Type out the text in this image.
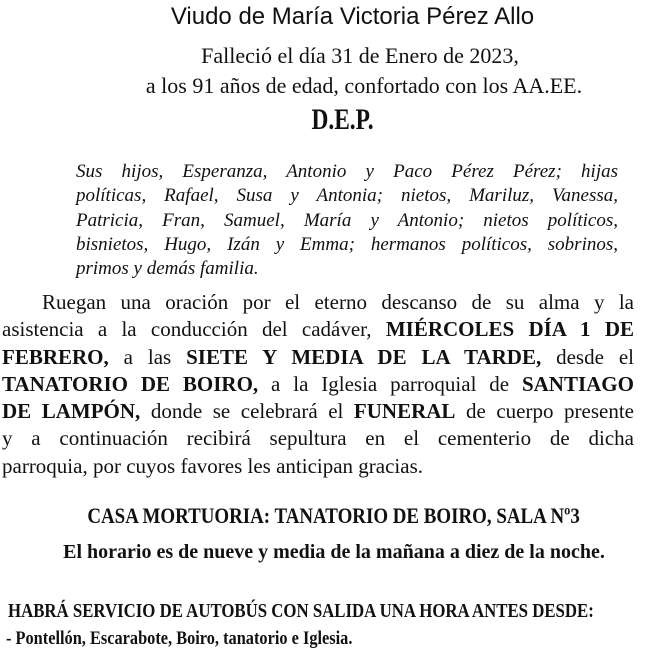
Viudo de María Victoria Pérez Allo
Falleció el día 31 de Enero de 2023,
a los 91 años de edad, confortado con los AA.EE.
D.E.P.
Sus hijos, Esperanza, Antonio y Paco Pérez Pérez; hijas
políticas, Rafael, Susa y Antonia; nietos, Mariluz, Vanessa,
Patricia, Fran, Samuel, María y Antonio; nietos políticos,
bisnietos, Hugo, Izán y Emma; hermanos políticos, sobrinos,
primos y demás familia.
Ruegan una oración por el eterno descanso de su alma y la
asistencia a la conducción del cadáver, MIÉRCOLES DÍA 1 DE
FEBRERO, a las SIETE Y MEDIA DE LA TARDE, desde el
TANATORIO DE BOIRO, a la Iglesia parroquial de SANTIAGO
DE LAMPÓN, donde se celebrará el FUNERAL de cuerpo presente
y a continuación recibirá sepultura en el cementerio de dicha
parroquia, por cuyos favores les anticipan gracias.
CASA MORTUORIA: TANATORIO DE BOIRO, SALA Nº3
El horario es de nueve y media de la mañana a diez de la noche.
HABRÁ SERVICIO DE AUTOBÚS CON SALIDA UNA HORA ANTES DESDE:
- Pontellón, Escarabote, Boiro, tanatorio e Iglesia.
